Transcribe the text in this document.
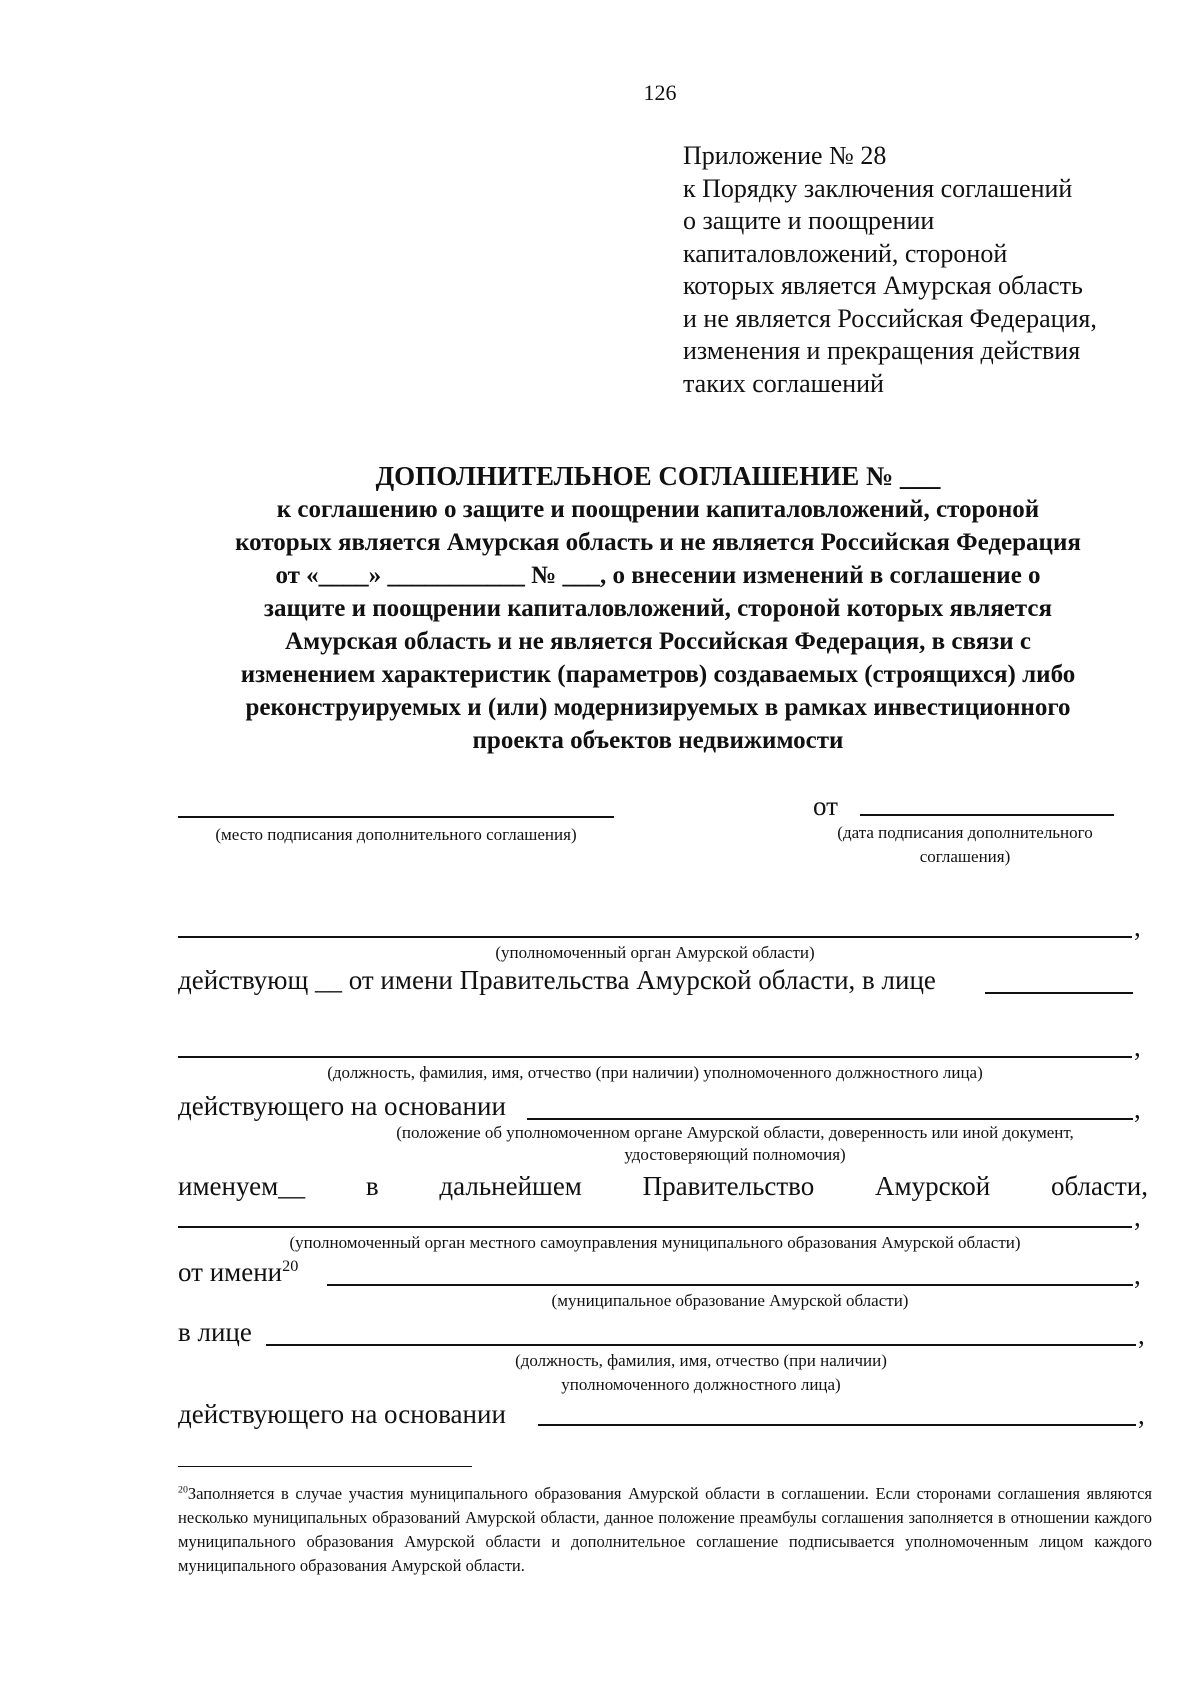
126
Приложение № 28
к Порядку заключения соглашений
о защите и поощрении
капиталовложений, стороной
которых является Амурская область
и не является Российская Федерация,
изменения и прекращения действия
таких соглашений
ДОПОЛНИТЕЛЬНОЕ СОГЛАШЕНИЕ № ___
к соглашению о защите и поощрении капиталовложений, стороной
которых является Амурская область и не является Российская Федерация
от «____» ___________ № ___, о внесении изменений в соглашение о
защите и поощрении капиталовложений, стороной которых является
Амурская область и не является Российская Федерация, в связи с
изменением характеристик (параметров) создаваемых (строящихся) либо
реконструируемых и (или) модернизируемых в рамках инвестиционного
проекта объектов недвижимости
(место подписания дополнительного соглашения)
от
(дата подписания дополнительного
соглашения)
,
(уполномоченный орган Амурской области)
действующ __ от имени Правительства Амурской области, в лице
,
(должность, фамилия, имя, отчество (при наличии) уполномоченного должностного лица)
действующего на основании	,
(положение об уполномоченном органе Амурской области, доверенность или иной документ,
удостоверяющий полномочия)
именуем__ в дальнейшем Правительство Амурской области,
,
(уполномоченный орган местного самоуправления муниципального образования Амурской области)
от имени$^{20}$	,
(муниципальное образование Амурской области)
в лице	,
(должность, фамилия, имя, отчество (при наличии)
уполномоченного должностного лица)
действующего на основании	,
$^{20}$Заполняется в случае участия муниципального образования Амурской области в соглашении. Если сторонами соглашения являются несколько муниципальных образований Амурской области, данное положение преамбулы соглашения заполняется в отношении каждого муниципального образования Амурской области и дополнительное соглашение подписывается уполномоченным лицом каждого муниципального образования Амурской области.
